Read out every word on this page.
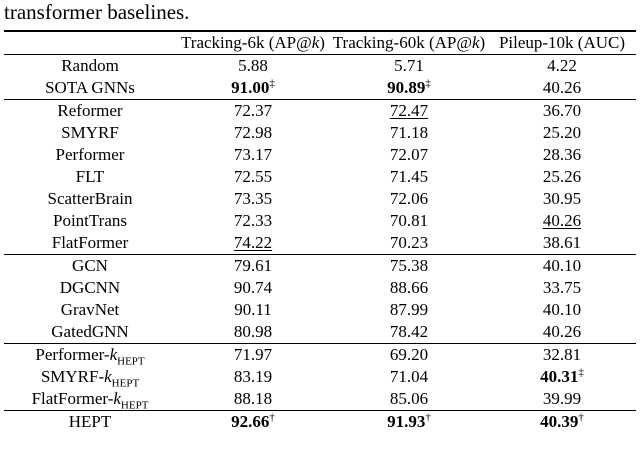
transformer baselines.
	Tracking-6k (AP@k)	Tracking-60k (AP@k)	Pileup-10k (AUC)
Random	5.88	5.71	4.22
SOTA GNNs	91.00‡	90.89‡	40.26
Reformer	72.37	72.47	36.70
SMYRF	72.98	71.18	25.20
Performer	73.17	72.07	28.36
FLT	72.55	71.45	25.26
ScatterBrain	73.35	72.06	30.95
PointTrans	72.33	70.81	40.26
FlatFormer	74.22	70.23	38.61
GCN	79.61	75.38	40.10
DGCNN	90.74	88.66	33.75
GravNet	90.11	87.99	40.10
GatedGNN	80.98	78.42	40.26
Performer-$k_{HEPT}$	71.97	69.20	32.81
SMYRF-$k_{HEPT}$	83.19	71.04	40.31‡
FlatFormer-$k_{HEPT}$	88.18	85.06	39.99
HEPT	92.66†	91.93†	40.39†
